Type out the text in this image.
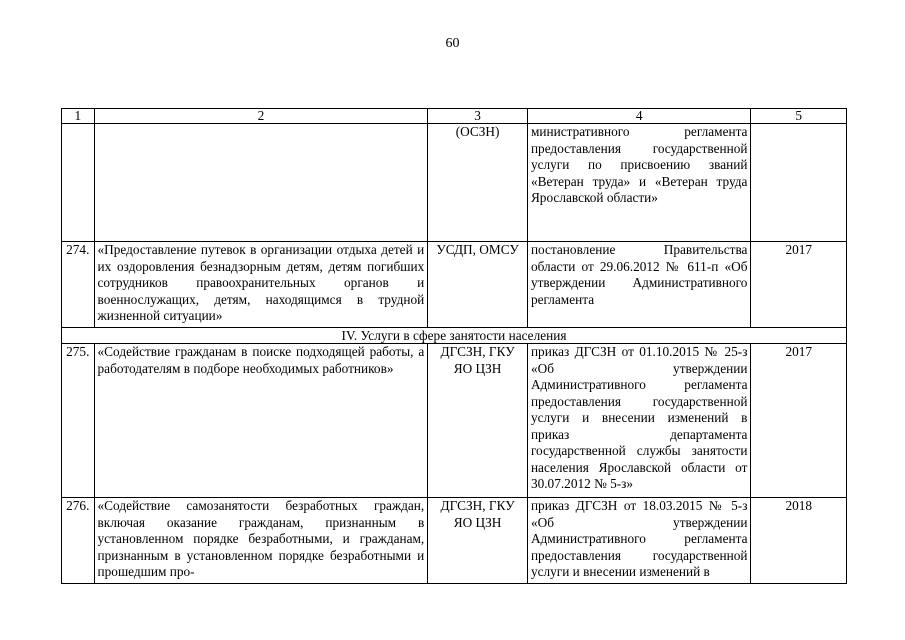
60
1	2	3	4	5
		(ОСЗН)	министративного регламента предоставления государственной услуги по присвоению званий «Ветеран труда» и «Ветеран труда Ярославской области»	
274.	«Предоставление путевок в организации отдыха детей и их оздоровления безнадзорным детям, детям погибших сотрудников правоохранительных органов и военнослужащих, детям, находящимся в трудной жизненной ситуации»	УСДП, ОМСУ	постановление Правительства области от 29.06.2012 № 611-п «Об утверждении Административного регламента	2017
IV. Услуги в сфере занятости населения				
275.	«Содействие гражданам в поиске подходящей работы, а работодателям в подборе необходимых работников»	ДГСЗН, ГКУ ЯО ЦЗН	приказ ДГСЗН от 01.10.2015 № 25-з «Об утверждении Административного регламента предоставления государственной услуги и внесении изменений в приказ департамента государственной службы занятости населения Ярославской области от 30.07.2012 № 5-з»	2017
276.	«Содействие самозанятости безработных граждан, включая оказание гражданам, признанным в установленном порядке безработными, и гражданам, признанным в установленном порядке безработными и прошедшим про-	ДГСЗН, ГКУ ЯО ЦЗН	приказ ДГСЗН от 18.03.2015 № 5-з «Об утверждении Административного регламента предоставления государственной услуги и внесении изменений в	2018
